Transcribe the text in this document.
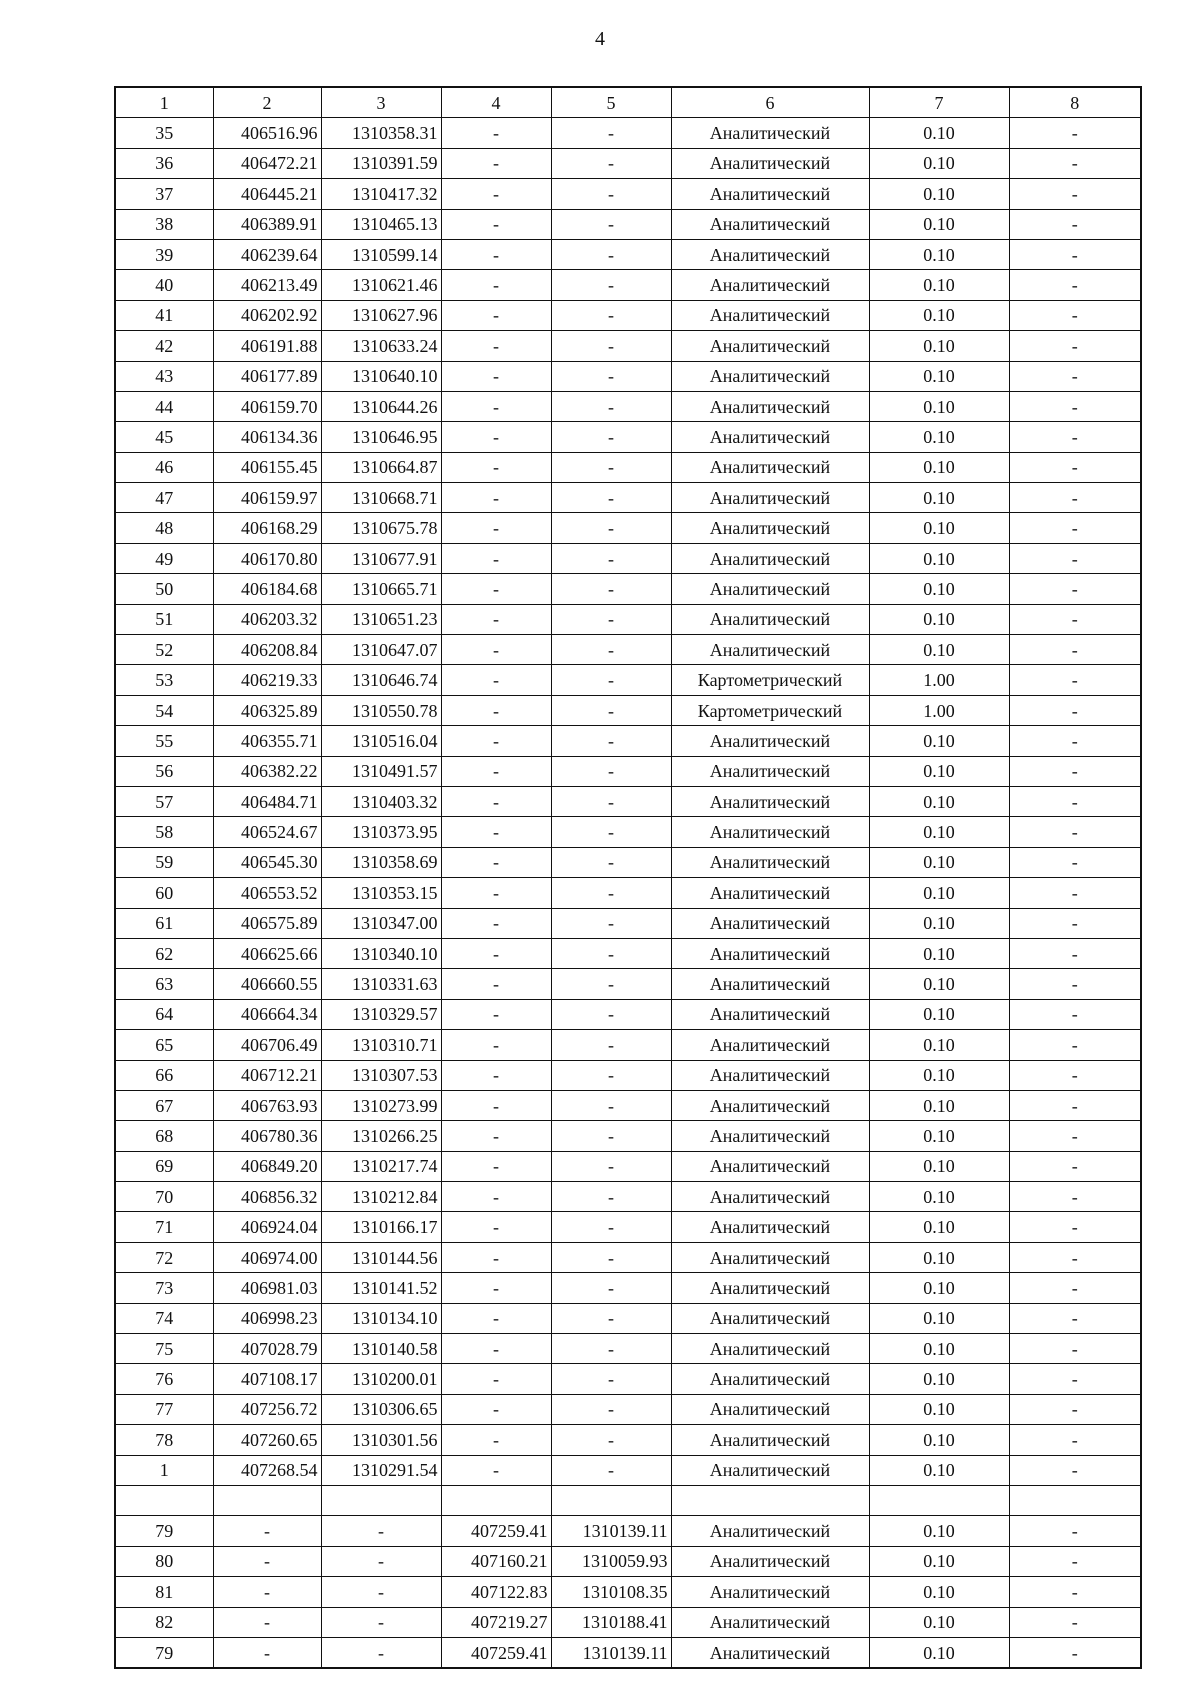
4
1	2	3	4	5	6	7	8
35	406516.96	1310358.31	-	-	Аналитический	0.10	-
36	406472.21	1310391.59	-	-	Аналитический	0.10	-
37	406445.21	1310417.32	-	-	Аналитический	0.10	-
38	406389.91	1310465.13	-	-	Аналитический	0.10	-
39	406239.64	1310599.14	-	-	Аналитический	0.10	-
40	406213.49	1310621.46	-	-	Аналитический	0.10	-
41	406202.92	1310627.96	-	-	Аналитический	0.10	-
42	406191.88	1310633.24	-	-	Аналитический	0.10	-
43	406177.89	1310640.10	-	-	Аналитический	0.10	-
44	406159.70	1310644.26	-	-	Аналитический	0.10	-
45	406134.36	1310646.95	-	-	Аналитический	0.10	-
46	406155.45	1310664.87	-	-	Аналитический	0.10	-
47	406159.97	1310668.71	-	-	Аналитический	0.10	-
48	406168.29	1310675.78	-	-	Аналитический	0.10	-
49	406170.80	1310677.91	-	-	Аналитический	0.10	-
50	406184.68	1310665.71	-	-	Аналитический	0.10	-
51	406203.32	1310651.23	-	-	Аналитический	0.10	-
52	406208.84	1310647.07	-	-	Аналитический	0.10	-
53	406219.33	1310646.74	-	-	Картометрический	1.00	-
54	406325.89	1310550.78	-	-	Картометрический	1.00	-
55	406355.71	1310516.04	-	-	Аналитический	0.10	-
56	406382.22	1310491.57	-	-	Аналитический	0.10	-
57	406484.71	1310403.32	-	-	Аналитический	0.10	-
58	406524.67	1310373.95	-	-	Аналитический	0.10	-
59	406545.30	1310358.69	-	-	Аналитический	0.10	-
60	406553.52	1310353.15	-	-	Аналитический	0.10	-
61	406575.89	1310347.00	-	-	Аналитический	0.10	-
62	406625.66	1310340.10	-	-	Аналитический	0.10	-
63	406660.55	1310331.63	-	-	Аналитический	0.10	-
64	406664.34	1310329.57	-	-	Аналитический	0.10	-
65	406706.49	1310310.71	-	-	Аналитический	0.10	-
66	406712.21	1310307.53	-	-	Аналитический	0.10	-
67	406763.93	1310273.99	-	-	Аналитический	0.10	-
68	406780.36	1310266.25	-	-	Аналитический	0.10	-
69	406849.20	1310217.74	-	-	Аналитический	0.10	-
70	406856.32	1310212.84	-	-	Аналитический	0.10	-
71	406924.04	1310166.17	-	-	Аналитический	0.10	-
72	406974.00	1310144.56	-	-	Аналитический	0.10	-
73	406981.03	1310141.52	-	-	Аналитический	0.10	-
74	406998.23	1310134.10	-	-	Аналитический	0.10	-
75	407028.79	1310140.58	-	-	Аналитический	0.10	-
76	407108.17	1310200.01	-	-	Аналитический	0.10	-
77	407256.72	1310306.65	-	-	Аналитический	0.10	-
78	407260.65	1310301.56	-	-	Аналитический	0.10	-
1	407268.54	1310291.54	-	-	Аналитический	0.10	-

79	-	-	407259.41	1310139.11	Аналитический	0.10	-
80	-	-	407160.21	1310059.93	Аналитический	0.10	-
81	-	-	407122.83	1310108.35	Аналитический	0.10	-
82	-	-	407219.27	1310188.41	Аналитический	0.10	-
79	-	-	407259.41	1310139.11	Аналитический	0.10	-
